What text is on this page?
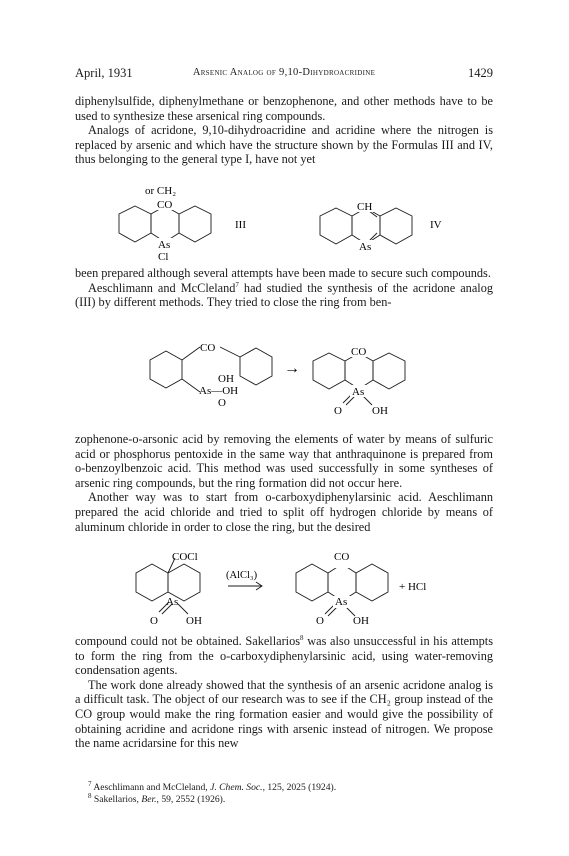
April, 1931	Arsenic Analog of 9,10-Dihydroacridine	1429

diphenylsulfide, diphenylmethane or benzophenone, and other methods have to be used to synthesize these arsenical ring compounds.

Analogs of acridone, 9,10-dihydroacridine and acridine where the nitrogen is replaced by arsenic and which have the structure shown by the Formulas III and IV, thus belonging to the general type I, have not yet

or CH₂
CO
As
Cl
III
CH
As
IV

been prepared although several attempts have been made to secure such compounds.

Aeschlimann and McCleland$^7$ had studied the synthesis of the acridone analog (III) by different methods. They tried to close the ring from ben-

CO
OH
As—OH
O
→
CO
As
O	OH

zophenone-o-arsonic acid by removing the elements of water by means of sulfuric acid or phosphorus pentoxide in the same way that anthraquinone is prepared from o-benzoylbenzoic acid. This method was used successfully in some syntheses of arsenic ring compounds, but the ring formation did not occur here.

Another way was to start from o-carboxydiphenylarsinic acid. Aeschlimann prepared the acid chloride and tried to split off hydrogen chloride by means of aluminum chloride in order to close the ring, but the desired

COCl
As
O	OH
(AlCl₃)
CO
As
O	OH
+ HCl

compound could not be obtained. Sakellarios$^8$ was also unsuccessful in his attempts to form the ring from the o-carboxydiphenylarsinic acid, using water-removing condensation agents.

The work done already showed that the synthesis of an arsenic acridone analog is a difficult task. The object of our research was to see if the CH₂ group instead of the CO group would make the ring formation easier and would give the possibility of obtaining acridine and acridone rings with arsenic instead of nitrogen. We propose the name acridarsine for this new

$^7$ Aeschlimann and McCleland, J. Chem. Soc., 125, 2025 (1924).

$^8$ Sakellarios, Ber., 59, 2552 (1926).
